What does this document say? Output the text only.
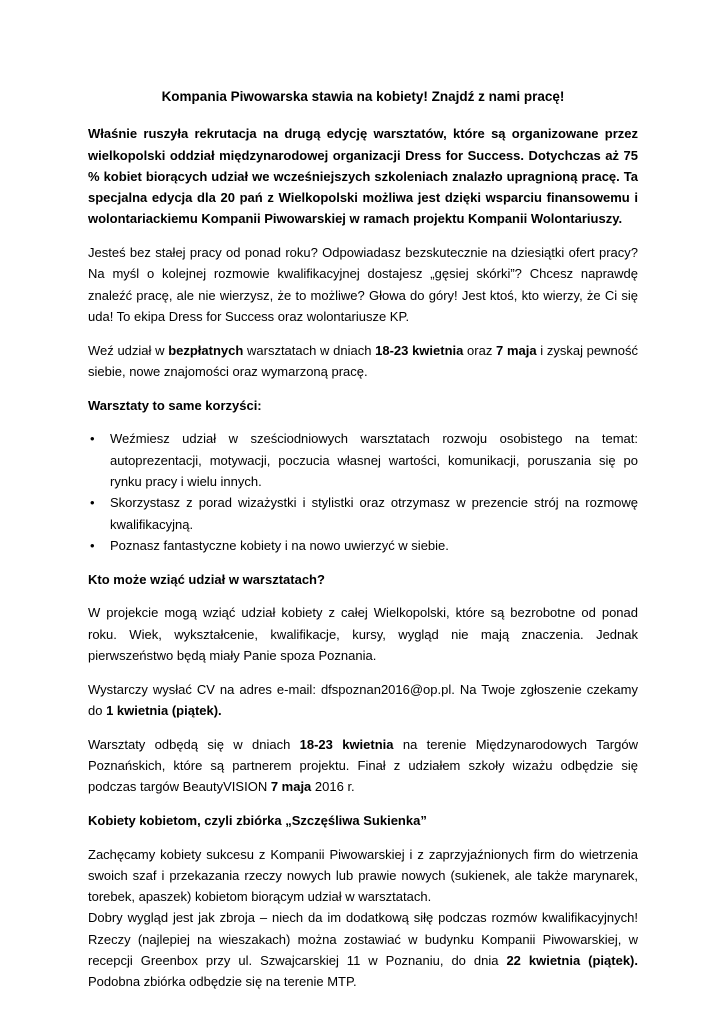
Kompania Piwowarska stawia na kobiety! Znajdź z nami pracę!

Właśnie ruszyła rekrutacja na drugą edycję warsztatów, które są organizowane przez wielkopolski oddział międzynarodowej organizacji Dress for Success. Dotychczas aż 75 % kobiet biorących udział we wcześniejszych szkoleniach znalazło upragnioną pracę. Ta specjalna edycja dla 20 pań z Wielkopolski możliwa jest dzięki wsparciu finansowemu i wolontariackiemu Kompanii Piwowarskiej w ramach projektu Kompanii Wolontariuszy.

Jesteś bez stałej pracy od ponad roku? Odpowiadasz bezskutecznie na dziesiątki ofert pracy? Na myśl o kolejnej rozmowie kwalifikacyjnej dostajesz „gęsiej skórki”? Chcesz naprawdę znaleźć pracę, ale nie wierzysz, że to możliwe? Głowa do góry! Jest ktoś, kto wierzy, że Ci się uda! To ekipa Dress for Success oraz wolontariusze KP.

Weź udział w bezpłatnych warsztatach w dniach 18-23 kwietnia oraz 7 maja i zyskaj pewność siebie, nowe znajomości oraz wymarzoną pracę.

Warsztaty to same korzyści:
• Weźmiesz udział w sześciodniowych warsztatach rozwoju osobistego na temat: autoprezentacji, motywacji, poczucia własnej wartości, komunikacji, poruszania się po rynku pracy i wielu innych.
• Skorzystasz z porad wizażystki i stylistki oraz otrzymasz w prezencie strój na rozmowę kwalifikacyjną.
• Poznasz fantastyczne kobiety i na nowo uwierzyć w siebie.
Kto może wziąć udział w warsztatach?

W projekcie mogą wziąć udział kobiety z całej Wielkopolski, które są bezrobotne od ponad roku. Wiek, wykształcenie, kwalifikacje, kursy, wygląd nie mają znaczenia. Jednak pierwszeństwo będą miały Panie spoza Poznania.

Wystarczy wysłać CV na adres e-mail: dfspoznan2016@op.pl. Na Twoje zgłoszenie czekamy do 1 kwietnia (piątek).

Warsztaty odbędą się w dniach 18-23 kwietnia na terenie Międzynarodowych Targów Poznańskich, które są partnerem projektu. Finał z udziałem szkoły wizażu odbędzie się podczas targów BeautyVISION 7 maja 2016 r.

Kobiety kobietom, czyli zbiórka „Szczęśliwa Sukienka”

Zachęcamy kobiety sukcesu z Kompanii Piwowarskiej i z zaprzyjaźnionych firm do wietrzenia swoich szaf i przekazania rzeczy nowych lub prawie nowych (sukienek, ale także marynarek, torebek, apaszek) kobietom biorącym udział w warsztatach.

Dobry wygląd jest jak zbroja – niech da im dodatkową siłę podczas rozmów kwalifikacyjnych! Rzeczy (najlepiej na wieszakach) można zostawiać w budynku Kompanii Piwowarskiej, w recepcji Greenbox przy ul. Szwajcarskiej 11 w Poznaniu, do dnia 22 kwietnia (piątek). Podobna zbiórka odbędzie się na terenie MTP.
